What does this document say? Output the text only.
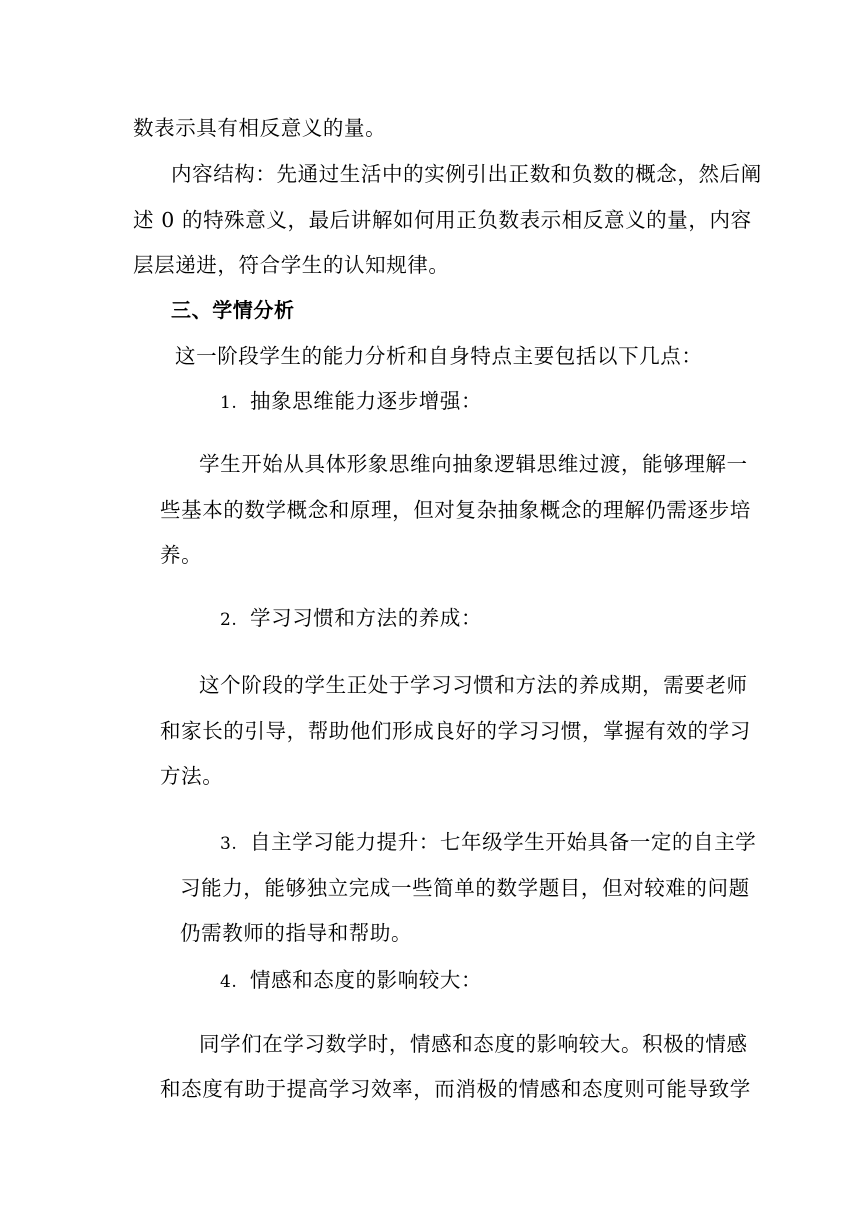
数表示具有相反意义的量。
内容结构：先通过生活中的实例引出正数和负数的概念，然后阐
述 0 的特殊意义，最后讲解如何用正负数表示相反意义的量，内容
层层递进，符合学生的认知规律。
三、学情分析
这一阶段学生的能力分析和自身特点主要包括以下几点：
1. 抽象思维能力逐步增强：
学生开始从具体形象思维向抽象逻辑思维过渡，能够理解一
些基本的数学概念和原理，但对复杂抽象概念的理解仍需逐步培
养。
2. 学习习惯和方法的养成：
这个阶段的学生正处于学习习惯和方法的养成期，需要老师
和家长的引导，帮助他们形成良好的学习习惯，掌握有效的学习
方法。
3. 自主学习能力提升：七年级学生开始具备一定的自主学
习能力，能够独立完成一些简单的数学题目，但对较难的问题
仍需教师的指导和帮助。
4. 情感和态度的影响较大：
同学们在学习数学时，情感和态度的影响较大。积极的情感
和态度有助于提高学习效率，而消极的情感和态度则可能导致学
